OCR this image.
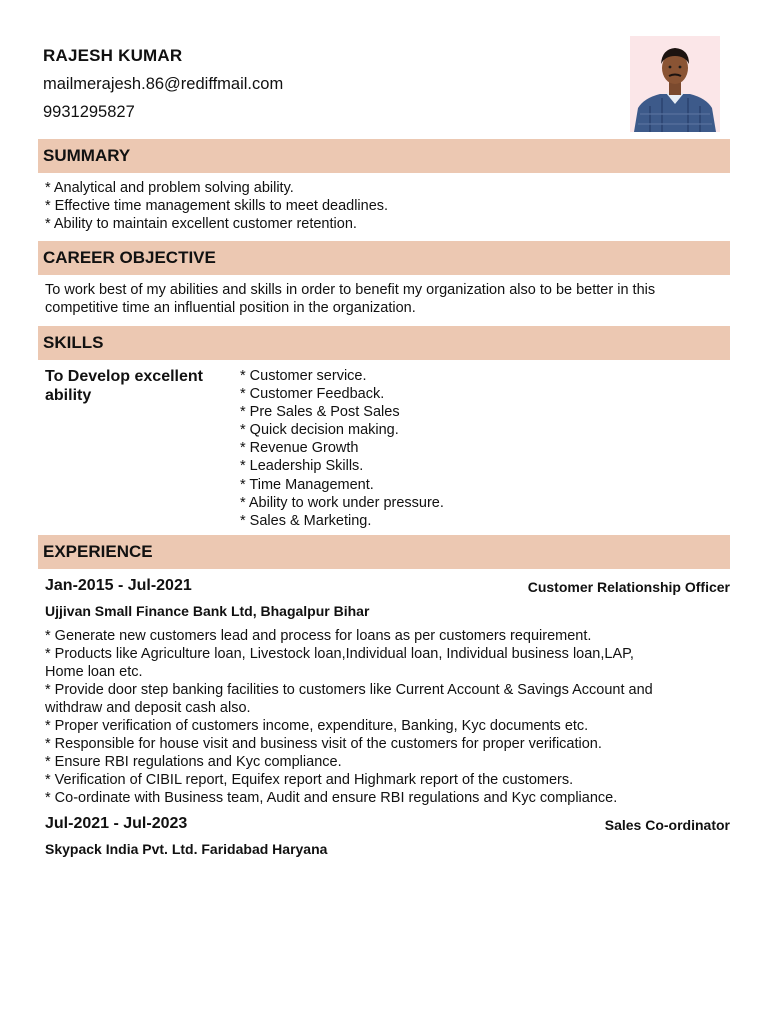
RAJESH KUMAR

mailmerajesh.86@rediffmail.com

9931295827

SUMMARY

* Analytical and problem solving ability.

* Effective time management skills to meet deadlines.

* Ability to maintain excellent customer retention.

CAREER OBJECTIVE

To work best of my abilities and skills in order to benefit my organization also to be better in this

competitive time an influential position in the organization.

SKILLS
To Develop excellent ability

* Customer service.

* Customer Feedback.

* Pre Sales & Post Sales

* Quick decision making.

* Revenue Growth

* Leadership Skills.

* Time Management.

* Ability to work under pressure.

* Sales & Marketing.

EXPERIENCE
Jan-2015 - Jul-2021	Customer Relationship Officer
Ujjivan Small Finance Bank Ltd, Bhagalpur Bihar

* Generate new customers lead and process for loans as per customers requirement.

* Products like Agriculture loan, Livestock loan,Individual loan, Individual business loan,LAP,

Home loan etc.

* Provide door step banking facilities to customers like Current Account & Savings Account and

withdraw and deposit cash also.

* Proper verification of customers income, expenditure, Banking, Kyc documents etc.

* Responsible for house visit and business visit of the customers for proper verification.

* Ensure RBI regulations and Kyc compliance.

* Verification of CIBIL report, Equifex report and Highmark report of the customers.

* Co-ordinate with Business team, Audit and ensure RBI regulations and Kyc compliance.

Jul-2021 - Jul-2023	Sales Co-ordinator
Skypack India Pvt. Ltd. Faridabad Haryana
